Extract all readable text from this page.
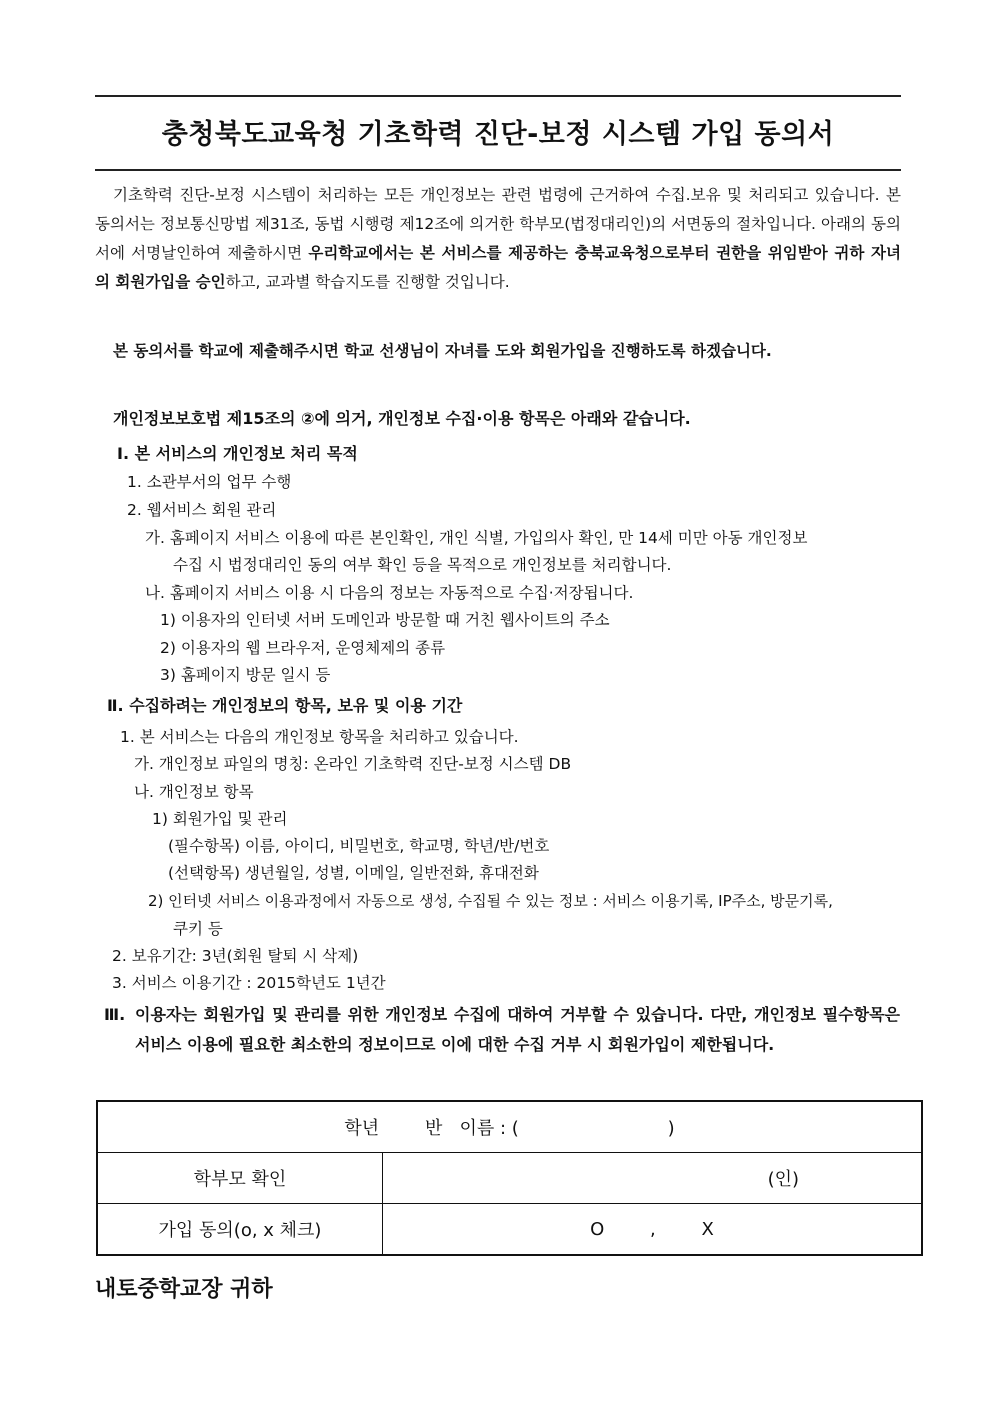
충청북도교육청 기초학력 진단-보정 시스템 가입 동의서

기초학력 진단-보정 시스템이 처리하는 모든 개인정보는 관련 법령에 근거하여 수집.보유 및 처리되고 있습니다. 본 동의서는 정보통신망법 제31조, 동법 시행령 제12조에 의거한 학부모(법정대리인)의 서면동의 절차입니다. 아래의 동의서에 서명날인하여 제출하시면 우리학교에서는 본 서비스를 제공하는 충북교육청으로부터 권한을 위임받아 귀하 자녀의 회원가입을 승인하고, 교과별 학습지도를 진행할 것입니다.

본 동의서를 학교에 제출해주시면 학교 선생님이 자녀를 도와 회원가입을 진행하도록 하겠습니다.

개인정보보호법 제15조의 ②에 의거, 개인정보 수집·이용 항목은 아래와 같습니다.
Ⅰ. 본 서비스의 개인정보 처리 목적
1. 소관부서의 업무 수행
2. 웹서비스 회원 관리
가. 홈페이지 서비스 이용에 따른 본인확인, 개인 식별, 가입의사 확인, 만 14세 미만 아동 개인정보
수집 시 법정대리인 동의 여부 확인 등을 목적으로 개인정보를 처리합니다.
나. 홈페이지 서비스 이용 시 다음의 정보는 자동적으로 수집·저장됩니다.
1) 이용자의 인터넷 서버 도메인과 방문할 때 거친 웹사이트의 주소
2) 이용자의 웹 브라우저, 운영체제의 종류
3) 홈페이지 방문 일시 등
Ⅱ. 수집하려는 개인정보의 항목, 보유 및 이용 기간
1. 본 서비스는 다음의 개인정보 항목을 처리하고 있습니다.
가. 개인정보 파일의 명칭: 온라인 기초학력 진단-보정 시스템 DB
나. 개인정보 항목
1) 회원가입 및 관리
(필수항목) 이름, 아이디, 비밀번호, 학교명, 학년/반/번호
(선택항목) 생년월일, 성별, 이메일, 일반전화, 휴대전화
2) 인터넷 서비스 이용과정에서 자동으로 생성, 수집될 수 있는 정보 : 서비스 이용기록, IP주소, 방문기록,
쿠키 등
2. 보유기간: 3년(회원 탈퇴 시 삭제)
3. 서비스 이용기간 : 2015학년도 1년간
Ⅲ. 이용자는 회원가입 및 관리를 위한 개인정보 수집에 대하여 거부할 수 있습니다. 다만, 개인정보 필수항목은 서비스 이용에 필요한 최소한의 정보이므로 이에 대한 수집 거부 시 회원가입이 제한됩니다.
학년        반   이름 : (                          )	
학부모 확인	(인)
가입 동의(o, x 체크)	O        ,        X
내토중학교장 귀하
